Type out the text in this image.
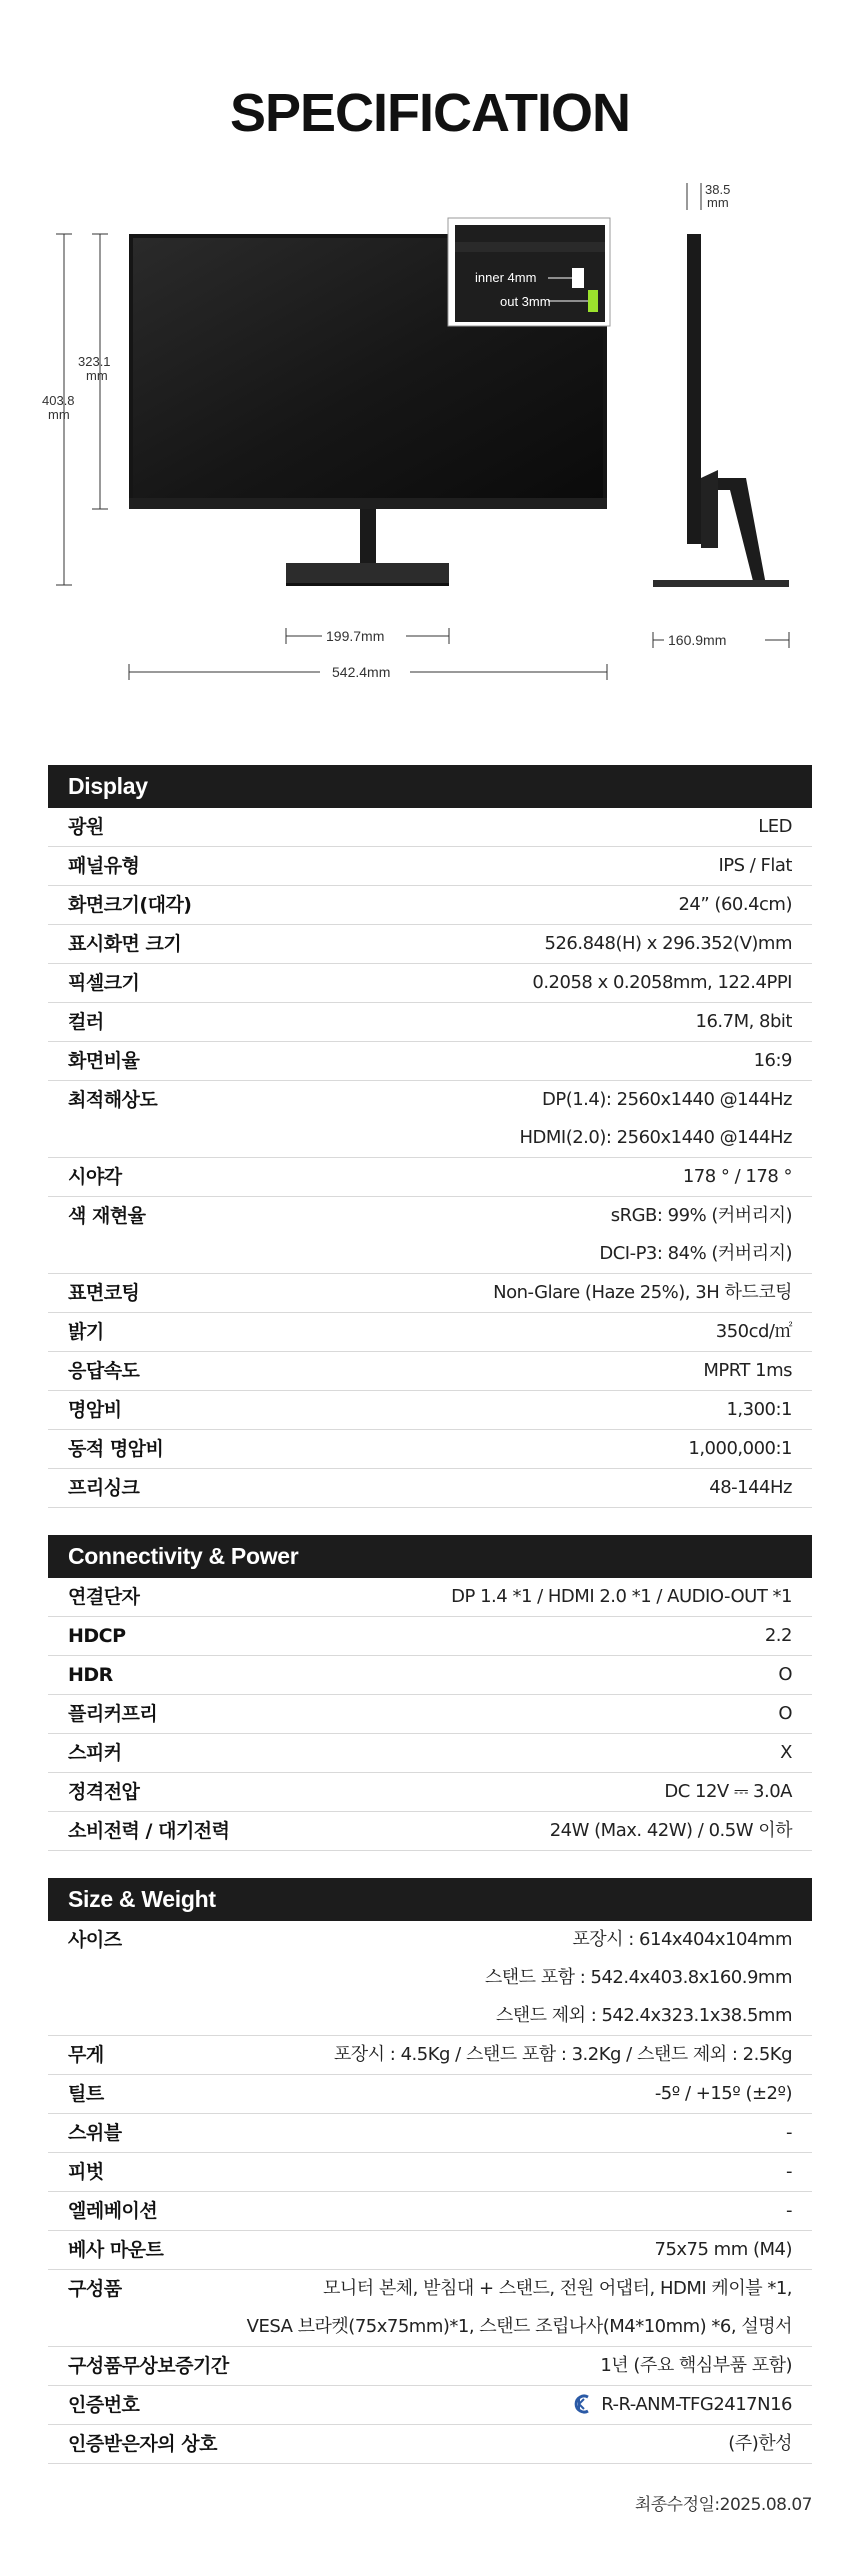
SPECIFICATION
inner 4mm
out 3mm
323.1
mm
403.8
mm
199.7mm
542.4mm
38.5
mm
160.9mm
Display
광원	LED
패널유형	IPS / Flat
화면크기(대각)	24” (60.4cm)
표시화면 크기	526.848(H) x 296.352(V)mm
픽셀크기	0.2058 x 0.2058mm, 122.4PPI
컬러	16.7M, 8bit
화면비율	16:9
최적해상도	DP(1.4): 2560x1440 @144Hz
HDMI(2.0): 2560x1440 @144Hz
시야각	178 ° / 178 °
색 재현율	sRGB: 99% (커버리지)
DCI-P3: 84% (커버리지)
표면코팅	Non-Glare (Haze 25%), 3H 하드코팅
밝기	350cd/㎡
응답속도	MPRT 1ms
명암비	1,300:1
동적 명암비	1,000,000:1
프리싱크	48-144Hz
Connectivity & Power
연결단자	DP 1.4 *1 / HDMI 2.0 *1 / AUDIO-OUT *1
HDCP	2.2
HDR	O
플리커프리	O
스피커	X
정격전압	DC 12V ⎓ 3.0A
소비전력 / 대기전력	24W (Max. 42W) / 0.5W 이하
Size & Weight
사이즈	포장시 : 614x404x104mm
스탠드 포함 : 542.4x403.8x160.9mm
스탠드 제외 : 542.4x323.1x38.5mm
무게	포장시 : 4.5Kg / 스탠드 포함 : 3.2Kg / 스탠드 제외 : 2.5Kg
틸트	-5º / +15º (±2º)
스위블	-
피벗	-
엘레베이션	-
베사 마운트	75x75 mm (M4)
구성품	모니터 본체, 받침대 + 스탠드, 전원 어댑터, HDMI 케이블 *1,
VESA 브라켓(75x75mm)*1, 스탠드 조립나사(M4*10mm) *6, 설명서
구성품무상보증기간	1년 (주요 핵심부품 포함)
인증번호	R-R-ANM-TFG2417N16
인증받은자의 상호	(주)한성
최종수정일:2025.08.07
